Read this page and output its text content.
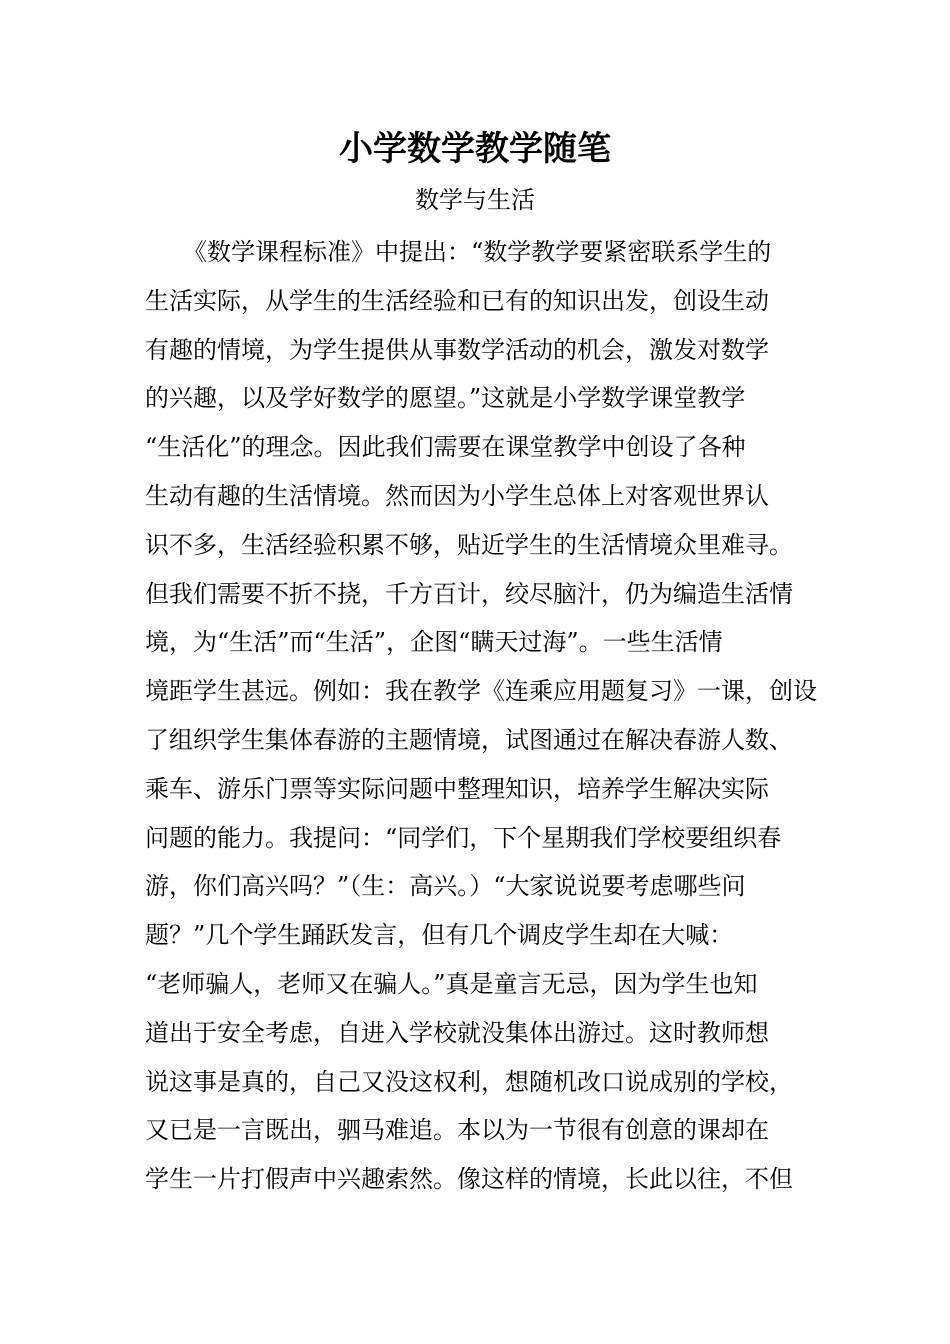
小学数学教学随笔
数学与生活
《数学课程标准》中提出：“数学教学要紧密联系学生的
生活实际，从学生的生活经验和已有的知识出发，创设生动
有趣的情境，为学生提供从事数学活动的机会，激发对数学
的兴趣，以及学好数学的愿望。”这就是小学数学课堂教学
“生活化”的理念。因此我们需要在课堂教学中创设了各种
生动有趣的生活情境。然而因为小学生总体上对客观世界认
识不多，生活经验积累不够，贴近学生的生活情境众里难寻。
但我们需要不折不挠，千方百计，绞尽脑汁，仍为编造生活情
境，为“生活”而“生活”，企图“瞒天过海”。一些生活情
境距学生甚远。例如：我在教学《连乘应用题复习》一课，创设
了组织学生集体春游的主题情境，试图通过在解决春游人数、
乘车、游乐门票等实际问题中整理知识，培养学生解决实际
问题的能力。我提问：“同学们，下个星期我们学校要组织春
游，你们高兴吗？”（生：高兴。）“大家说说要考虑哪些问
题？”几个学生踊跃发言，但有几个调皮学生却在大喊：
“老师骗人，老师又在骗人。”真是童言无忌，因为学生也知
道出于安全考虑，自进入学校就没集体出游过。这时教师想
说这事是真的，自己又没这权利，想随机改口说成别的学校，
又已是一言既出，驷马难追。本以为一节很有创意的课却在
学生一片打假声中兴趣索然。像这样的情境，长此以往，不但
